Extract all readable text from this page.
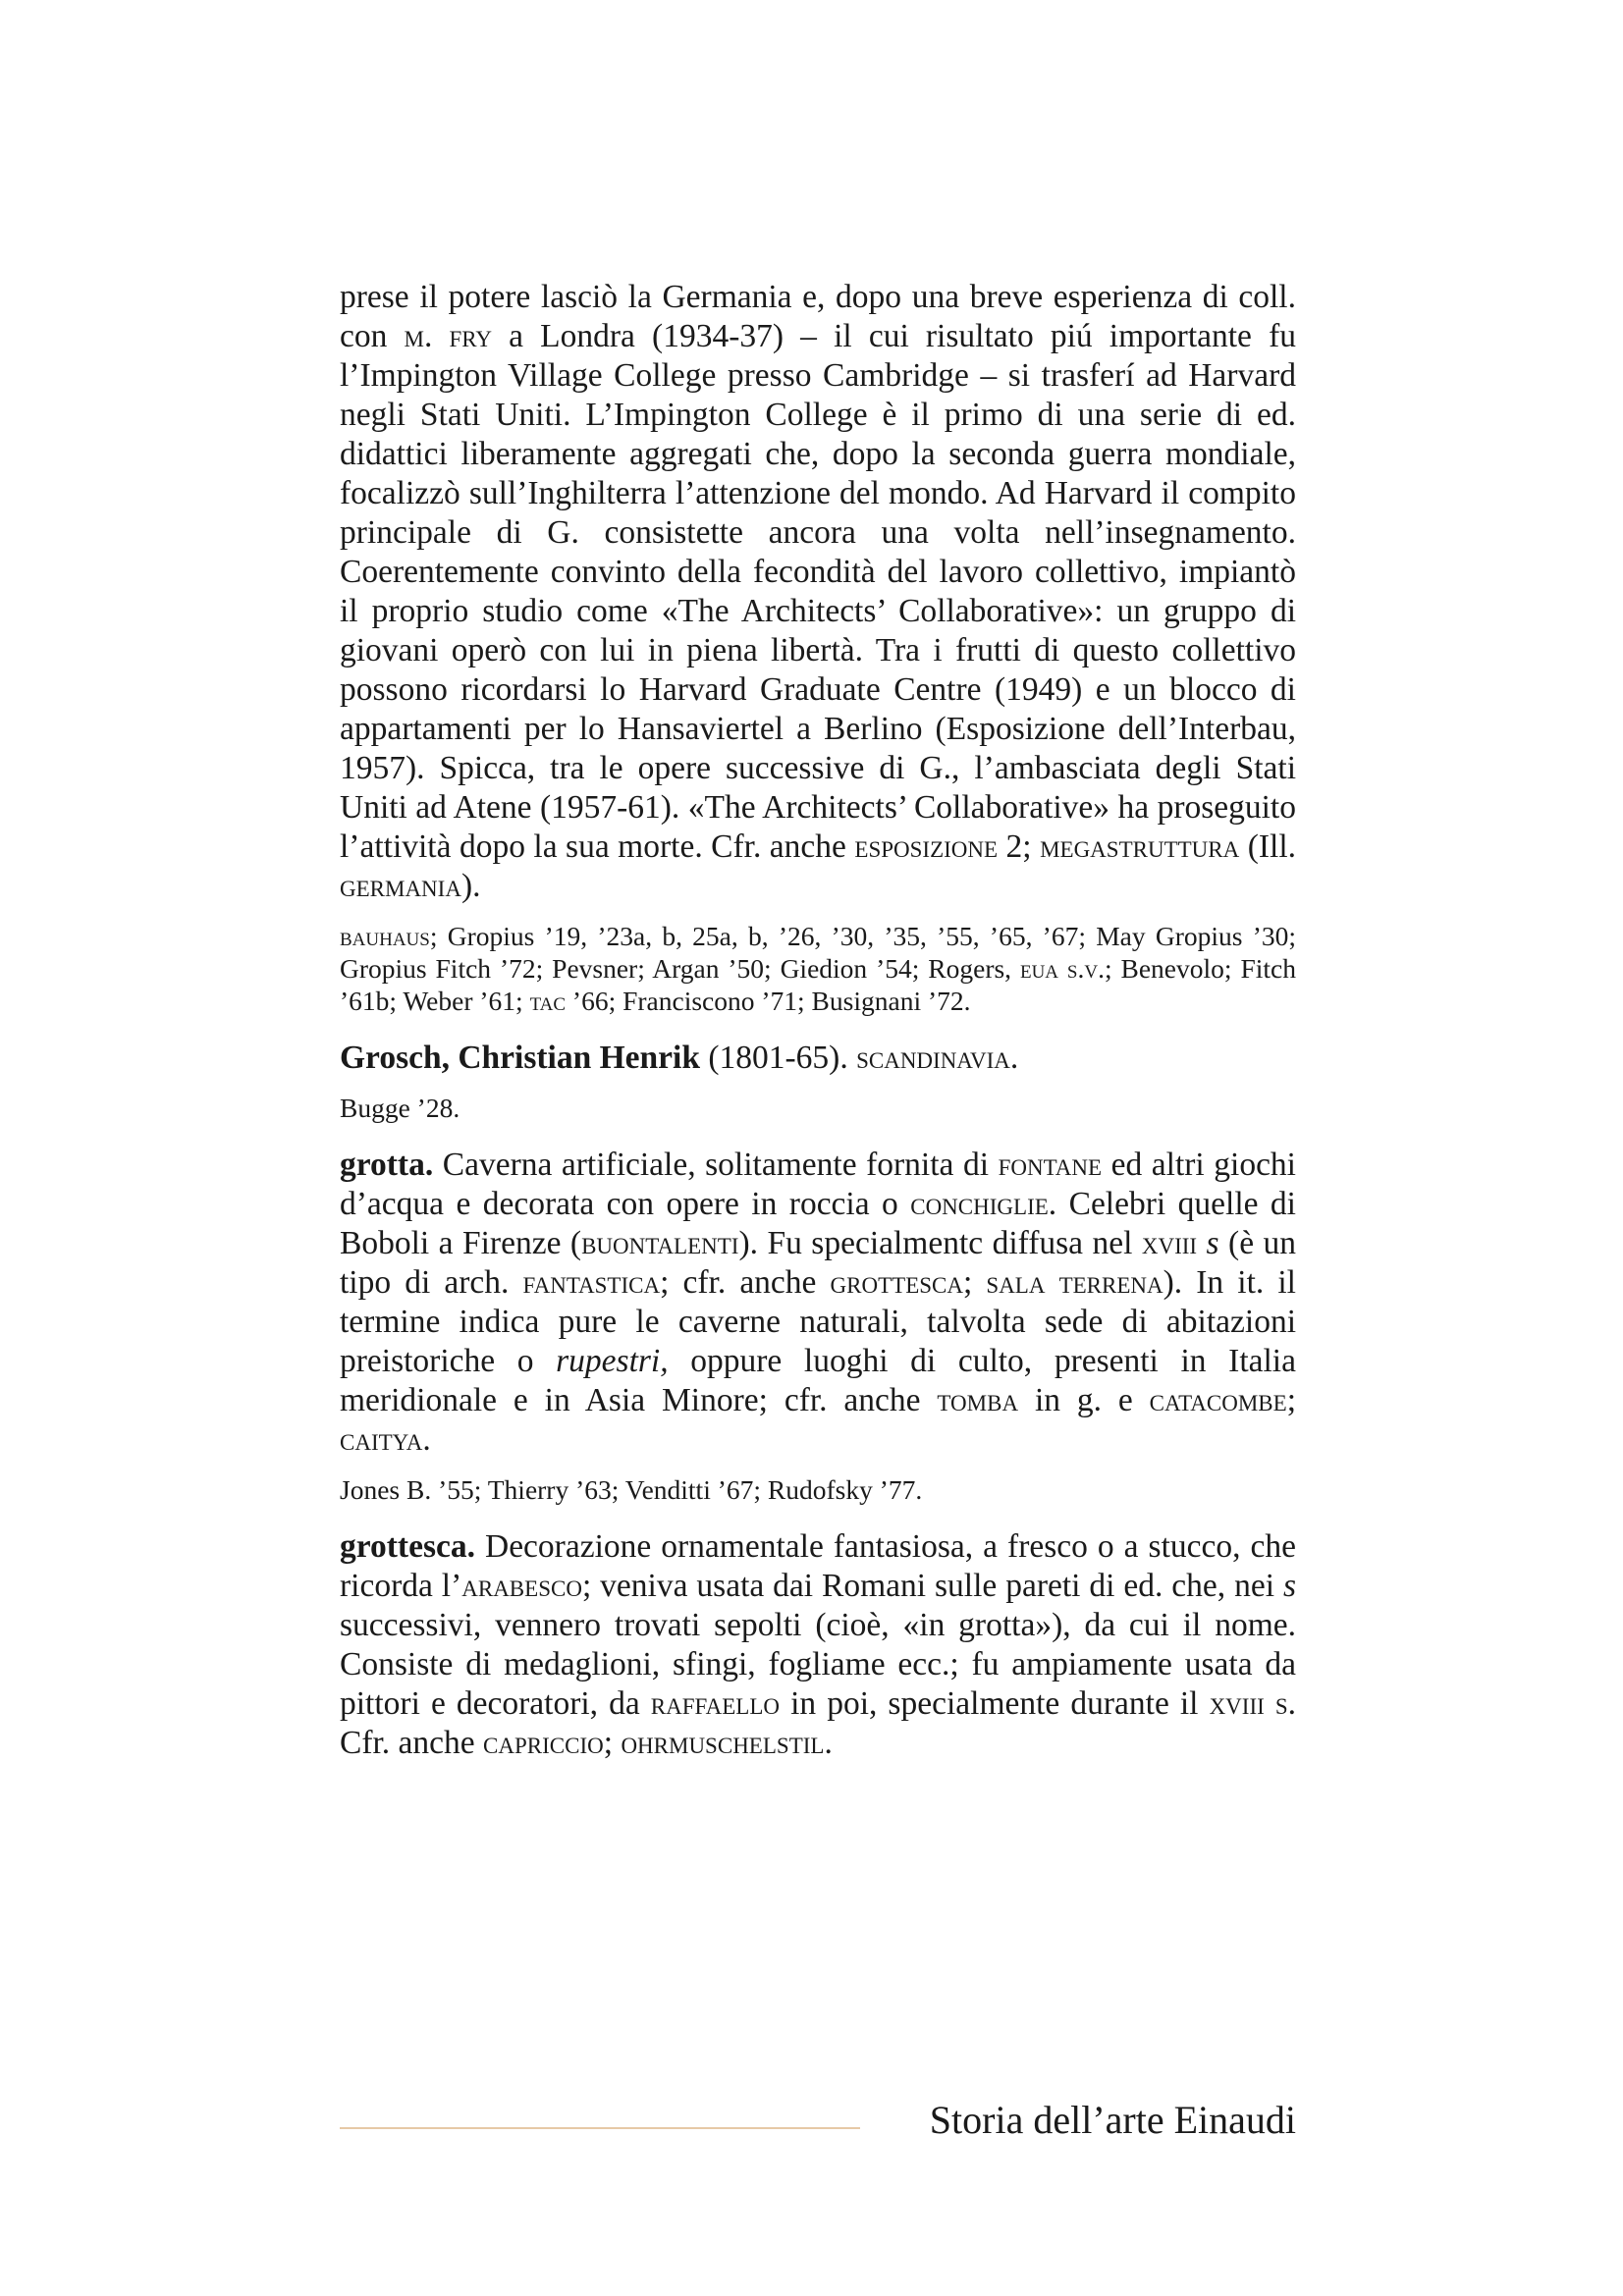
prese il potere lasciò la Germania e, dopo una breve esperienza di coll. con m. fry a Londra (1934-37) – il cui risultato piú importante fu l’Impington Village College presso Cambridge – si trasferí ad Harvard negli Stati Uniti. L’Impington College è il primo di una serie di ed. didattici liberamente aggregati che, dopo la seconda guerra mondiale, focalizzò sull’Inghilterra l’attenzione del mondo. Ad Harvard il compito principale di G. consistette ancora una volta nell’insegnamento. Coerentemente convinto della fecondità del lavoro collettivo, impiantò il proprio studio come «The Architects’ Collaborative»: un gruppo di giovani operò con lui in piena libertà. Tra i frutti di questo collettivo possono ricordarsi lo Harvard Graduate Centre (1949) e un blocco di appartamenti per lo Hansaviertel a Berlino (Esposizione dell’Interbau, 1957). Spicca, tra le opere successive di G., l’ambasciata degli Stati Uniti ad Atene (1957-61). «The Architects’ Collaborative» ha proseguito l’attività dopo la sua morte. Cfr. anche esposizione 2; megastruttura (Ill. germania).

bauhaus; Gropius ’19, ’23a, b, 25a, b, ’26, ’30, ’35, ’55, ’65, ’67; May Gropius ’30; Gropius Fitch ’72; Pevsner; Argan ’50; Giedion ’54; Rogers, eua s.v.; Benevolo; Fitch ’61b; Weber ’61; tac ’66; Franciscono ’71; Busignani ’72.

Grosch, Christian Henrik (1801-65). scandinavia.

Bugge ’28.

grotta. Caverna artificiale, solitamente fornita di fontane ed altri giochi d’acqua e decorata con opere in roccia o conchiglie. Celebri quelle di Boboli a Firenze (buontalenti). Fu specialmentc diffusa nel xviii s (è un tipo di arch. fantastica; cfr. anche grottesca; sala terrena). In it. il termine indica pure le caverne naturali, talvolta sede di abitazioni preistoriche o rupestri, oppure luoghi di culto, presenti in Italia meridionale e in Asia Minore; cfr. anche tomba in g. e catacombe; caitya.

Jones B. ’55; Thierry ’63; Venditti ’67; Rudofsky ’77.

grottesca. Decorazione ornamentale fantasiosa, a fresco o a stucco, che ricorda l’arabesco; veniva usata dai Romani sulle pareti di ed. che, nei s successivi, vennero trovati sepolti (cioè, «in grotta»), da cui il nome. Consiste di medaglioni, sfingi, fogliame ecc.; fu ampiamente usata da pittori e decoratori, da raffaello in poi, specialmente durante il xviii s. Cfr. anche capriccio; ohrmuschelstil.

Storia dell’arte Einaudi
